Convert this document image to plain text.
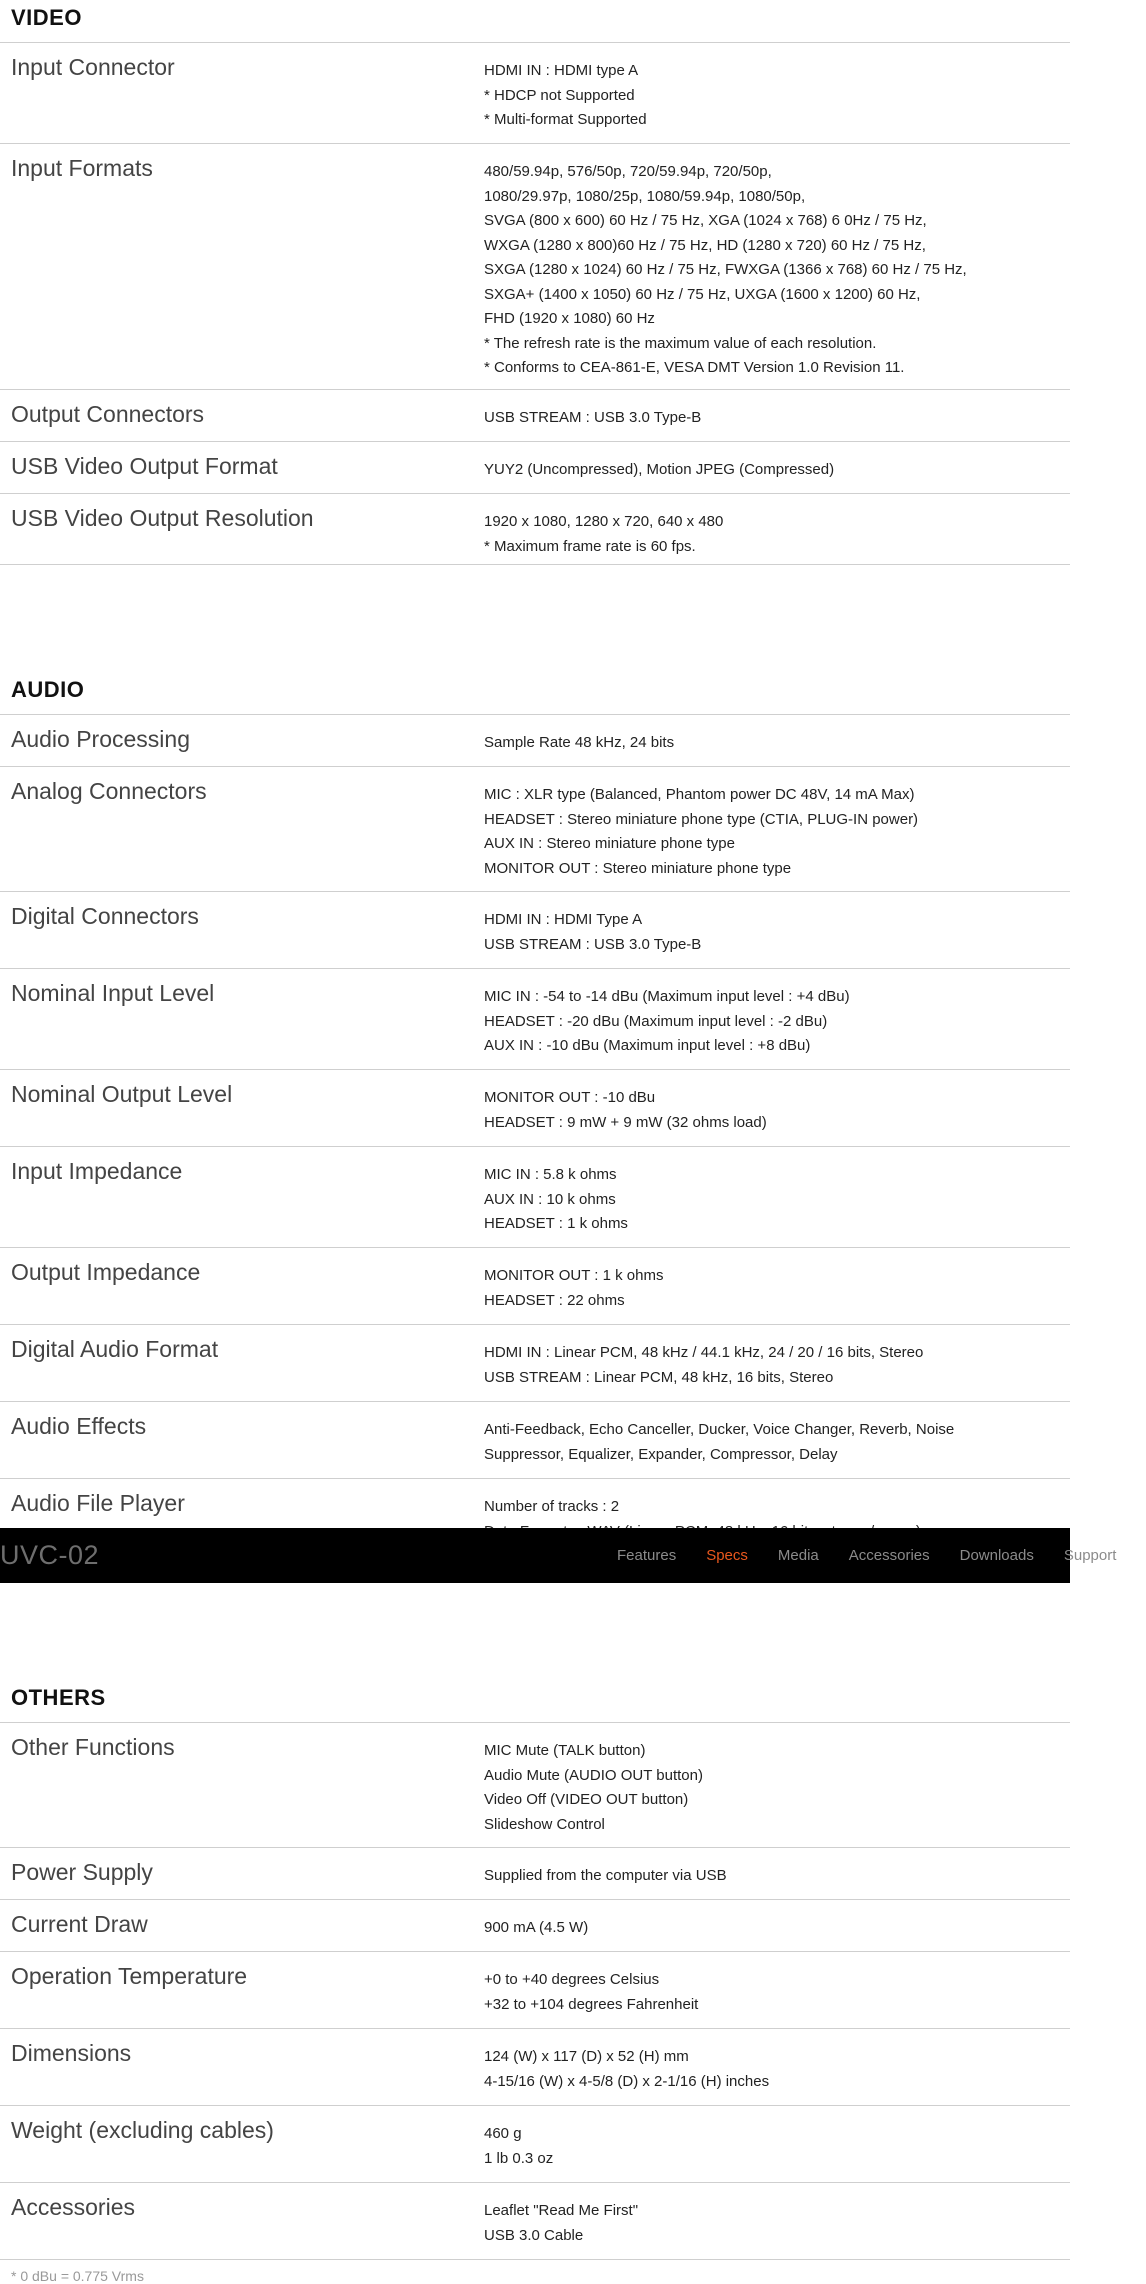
VIDEO
Input Connector	HDMI IN : HDMI type A
* HDCP not Supported
* Multi-format Supported
Input Formats	480/59.94p, 576/50p, 720/59.94p, 720/50p,
1080/29.97p, 1080/25p, 1080/59.94p, 1080/50p,
SVGA (800 x 600) 60 Hz / 75 Hz, XGA (1024 x 768) 6 0Hz / 75 Hz,
WXGA (1280 x 800)60 Hz / 75 Hz, HD (1280 x 720) 60 Hz / 75 Hz,
SXGA (1280 x 1024) 60 Hz / 75 Hz, FWXGA (1366 x 768) 60 Hz / 75 Hz,
SXGA+ (1400 x 1050) 60 Hz / 75 Hz, UXGA (1600 x 1200) 60 Hz,
FHD (1920 x 1080) 60 Hz
* The refresh rate is the maximum value of each resolution.
* Conforms to CEA-861-E, VESA DMT Version 1.0 Revision 11.
Output Connectors	USB STREAM : USB 3.0 Type-B
USB Video Output Format	YUY2 (Uncompressed), Motion JPEG (Compressed)
USB Video Output Resolution	1920 x 1080, 1280 x 720, 640 x 480
* Maximum frame rate is 60 fps.
AUDIO
Audio Processing	Sample Rate 48 kHz, 24 bits
Analog Connectors	MIC : XLR type (Balanced, Phantom power DC 48V, 14 mA Max)
HEADSET : Stereo miniature phone type (CTIA, PLUG-IN power)
AUX IN : Stereo miniature phone type
MONITOR OUT : Stereo miniature phone type
Digital Connectors	HDMI IN : HDMI Type A
USB STREAM : USB 3.0 Type-B
Nominal Input Level	MIC IN : -54 to -14 dBu (Maximum input level : +4 dBu)
HEADSET : -20 dBu (Maximum input level : -2 dBu)
AUX IN : -10 dBu (Maximum input level : +8 dBu)
Nominal Output Level	MONITOR OUT : -10 dBu
HEADSET : 9 mW + 9 mW (32 ohms load)
Input Impedance	MIC IN : 5.8 k ohms
AUX IN : 10 k ohms
HEADSET : 1 k ohms
Output Impedance	MONITOR OUT : 1 k ohms
HEADSET : 22 ohms
Digital Audio Format	HDMI IN : Linear PCM, 48 kHz / 44.1 kHz, 24 / 20 / 16 bits, Stereo
USB STREAM : Linear PCM, 48 kHz, 16 bits, Stereo
Audio Effects	Anti-Feedback, Echo Canceller, Ducker, Voice Changer, Reverb, Noise
Suppressor, Equalizer, Expander, Compressor, Delay
Audio File Player	Number of tracks : 2
UVC-02	Features Specs Media Accessories Downloads Support
OTHERS
Other Functions	MIC Mute (TALK button)
Audio Mute (AUDIO OUT button)
Video Off (VIDEO OUT button)
Slideshow Control
Power Supply	Supplied from the computer via USB
Current Draw	900 mA (4.5 W)
Operation Temperature	+0 to +40 degrees Celsius
+32 to +104 degrees Fahrenheit
Dimensions	124 (W) x 117 (D) x 52 (H) mm
4-15/16 (W) x 4-5/8 (D) x 2-1/16 (H) inches
Weight (excluding cables)	460 g
1 lb 0.3 oz
Accessories	Leaflet "Read Me First"
USB 3.0 Cable
* 0 dBu = 0.775 Vrms
